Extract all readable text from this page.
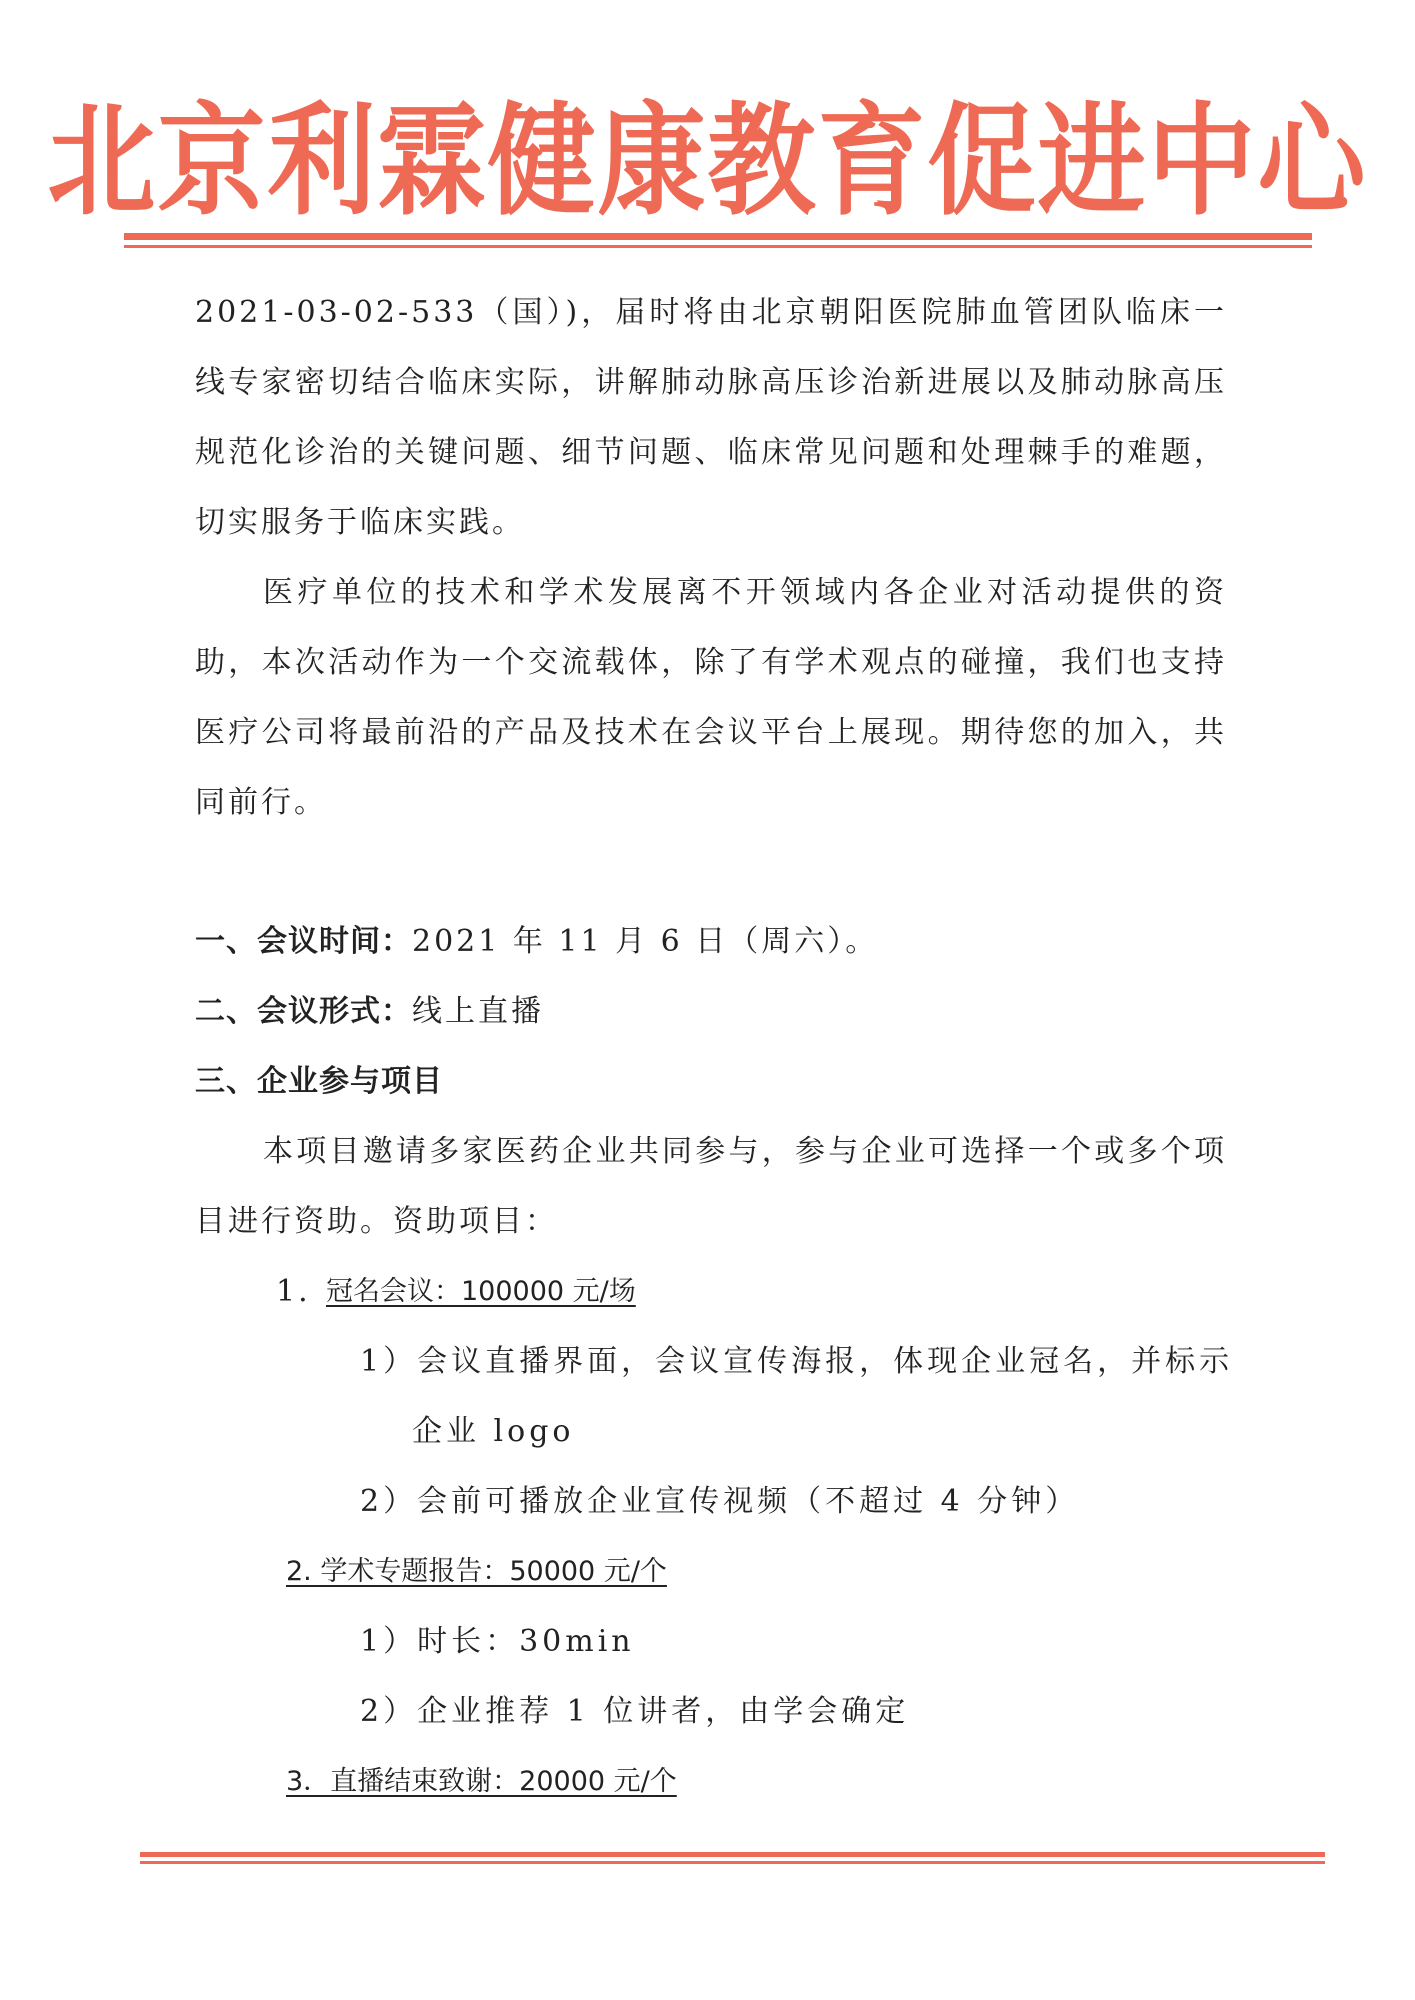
北京利霖健康教育促进中心

2021-03-02-533（国）)，届时将由北京朝阳医院肺血管团队临床一线专家密切结合临床实际，讲解肺动脉高压诊治新进展以及肺动脉高压规范化诊治的关键问题、细节问题、临床常见问题和处理棘手的难题，切实服务于临床实践。

医疗单位的技术和学术发展离不开领域内各企业对活动提供的资助，本次活动作为一个交流载体，除了有学术观点的碰撞，我们也支持医疗公司将最前沿的产品及技术在会议平台上展现。期待您的加入，共同前行。

一、会议时间：2021 年 11 月 6 日（周六）。
二、会议形式：线上直播
三、企业参与项目

本项目邀请多家医药企业共同参与，参与企业可选择一个或多个项目进行资助。资助项目：

1. 冠名会议：100000 元/场
1）会议直播界面，会议宣传海报，体现企业冠名，并标示
企业 logo
2）会前可播放企业宣传视频（不超过 4 分钟）
2. 学术专题报告：50000 元/个
1）时长：30min
2）企业推荐 1 位讲者，由学会确定
3．直播结束致谢：20000 元/个
